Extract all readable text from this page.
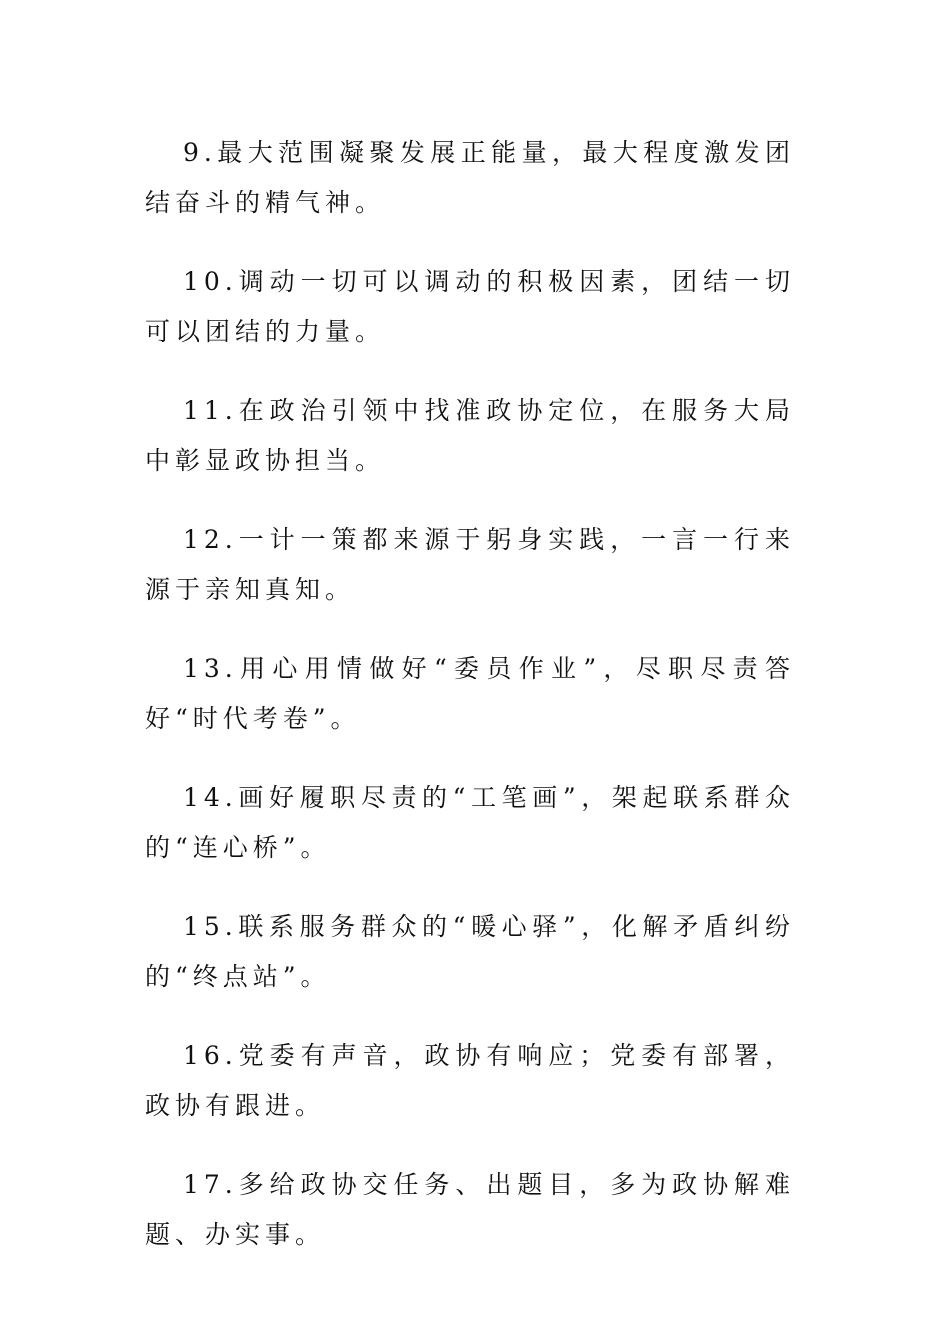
9.最大范围凝聚发展正能量，最大程度激发团结奋斗的精气神。

10.调动一切可以调动的积极因素，团结一切可以团结的力量。

11.在政治引领中找准政协定位，在服务大局中彰显政协担当。

12.一计一策都来源于躬身实践，一言一行来源于亲知真知。

13.用心用情做好“委员作业”，尽职尽责答好“时代考卷”。

14.画好履职尽责的“工笔画”，架起联系群众的“连心桥”。

15.联系服务群众的“暖心驿”，化解矛盾纠纷的“终点站”。

16.党委有声音，政协有响应；党委有部署，政协有跟进。

17.多给政协交任务、出题目，多为政协解难题、办实事。
